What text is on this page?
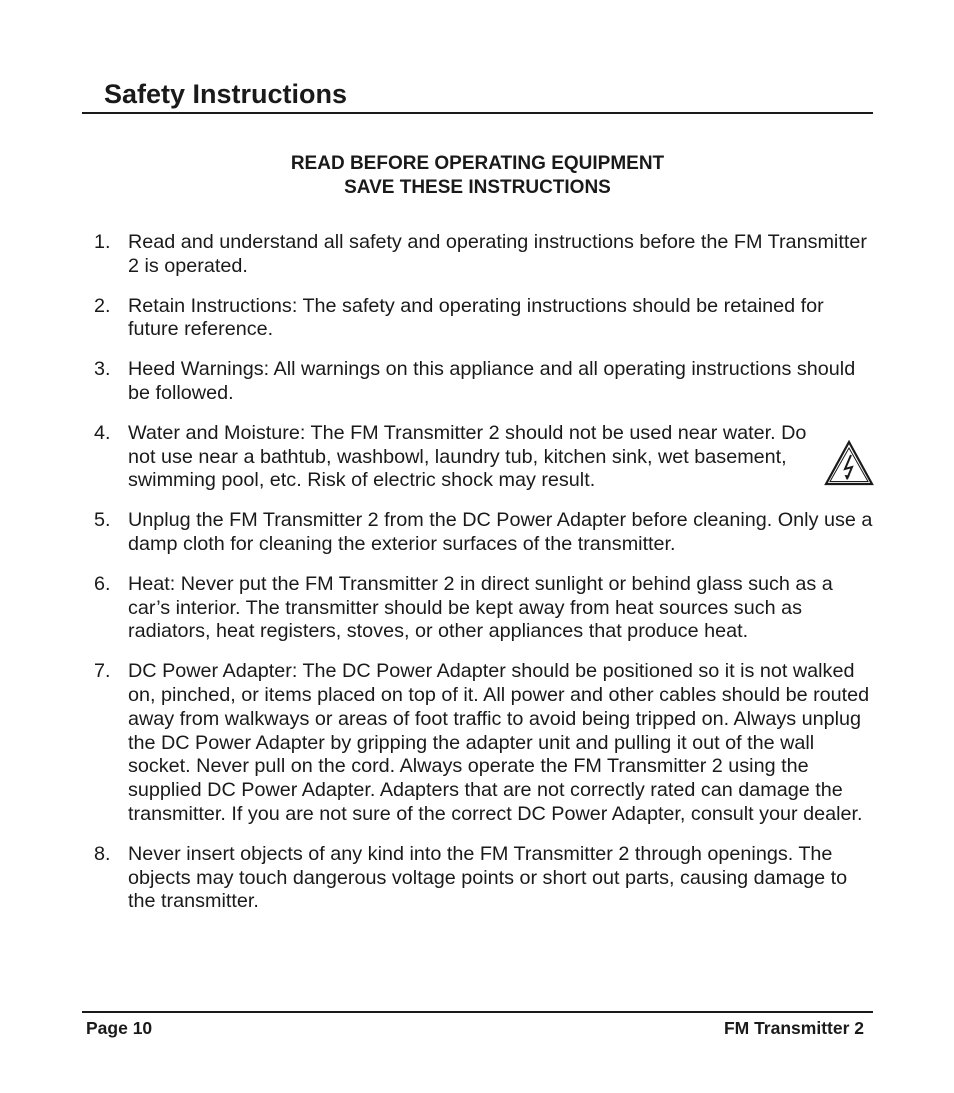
Safety Instructions
READ BEFORE OPERATING EQUIPMENT
SAVE THESE INSTRUCTIONS
1. Read and understand all safety and operating instructions before the FM Transmitter 2 is operated.
2. Retain Instructions: The safety and operating instructions should be retained for future reference.
3. Heed Warnings: All warnings on this appliance and all operating instructions should be followed.
4. Water and Moisture: The FM Transmitter 2 should not be used near water. Do not use near a bathtub, washbowl, laundry tub, kitchen sink, wet basement, swimming pool, etc. Risk of electric shock may result.
5. Unplug the FM Transmitter 2 from the DC Power Adapter before cleaning. Only use a damp cloth for cleaning the exterior surfaces of the transmitter.
6. Heat: Never put the FM Transmitter 2 in direct sunlight or behind glass such as a car’s interior. The transmitter should be kept away from heat sources such as radiators, heat registers, stoves, or other appliances that produce heat.
7. DC Power Adapter: The DC Power Adapter should be positioned so it is not walked on, pinched, or items placed on top of it. All power and other cables should be routed away from walkways or areas of foot traffic to avoid being tripped on. Always unplug the DC Power Adapter by gripping the adapter unit and pulling it out of the wall socket. Never pull on the cord. Always operate the FM Transmitter 2 using the supplied DC Power Adapter. Adapters that are not correctly rated can damage the transmitter. If you are not sure of the correct DC Power Adapter, consult your dealer.
8. Never insert objects of any kind into the FM Transmitter 2 through openings. The objects may touch dangerous voltage points or short out parts, causing damage to the transmitter.
Page 10	FM Transmitter 2
